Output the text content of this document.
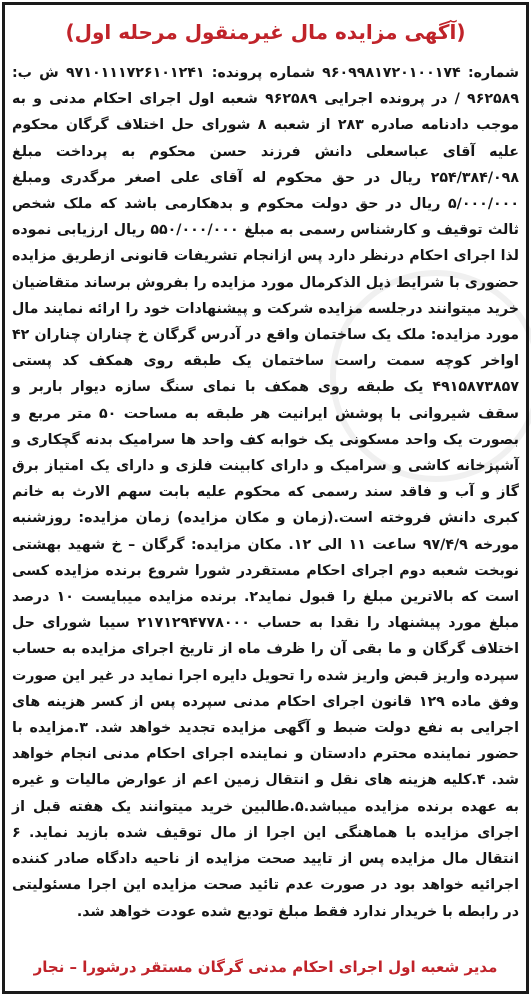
(آگهی مزایده مال غیرمنقول مرحله اول)

شماره: ۹۶۰۹۹۸۱۷۲۰۱۰۰۱۷۴ شماره پرونده: ۹۷۱۰۱۱۱۷۲۶۱۰۱۲۴۱ ش ب: ۹۶۲۵۸۹ / در پرونده اجرایی ۹۶۲۵۸۹ شعبه اول اجرای احکام مدنی و به موجب دادنامه صادره ۲۸۳ از شعبه ۸ شورای حل اختلاف گرگان محکوم علیه آقای عباسعلی دانش فرزند حسن محکوم به پرداخت مبلغ ۲۵۴/۳۸۴/۰۹۸ ریال در حق محکوم له آقای علی اصغر مرگدری ومبلغ ۵/۰۰۰/۰۰۰ ریال در حق دولت محکوم و بدهکارمی باشد که ملک شخص ثالث توقیف و کارشناس رسمی به مبلغ ۵۵۰/۰۰۰/۰۰۰ ریال ارزیابی نموده لذا اجرای احکام درنظر دارد پس ازانجام تشریفات قانونی ازطریق مزایده حضوری با شرایط ذیل الذکرمال مورد مزایده را بفروش برساند متقاضیان خرید میتوانند درجلسه مزایده شرکت و پیشنهادات خود را ارائه نمایند مال مورد مزایده: ملک یک ساختمان واقع در آدرس گرگان خ چناران چناران ۴۲ اواخر کوچه سمت راست ساختمان یک طبقه روی همکف کد پستی ۴۹۱۵۸۷۳۸۵۷ یک طبقه روی همکف با نمای سنگ سازه دیوار باربر و سقف شیروانی با پوشش ایرانیت هر طبقه به مساحت ۵۰ متر مربع و بصورت یک واحد مسکونی یک خوابه کف واحد ها سرامیک بدنه گچکاری و آشپزخانه کاشی و سرامیک و دارای کابینت فلزی و دارای یک امتیاز برق گاز و آب و فاقد سند رسمی که محکوم علیه بابت سهم الارث به خانم کبری دانش فروخته است.(زمان و مکان مزایده) زمان مزایده: روزشنبه مورخه ۹۷/۴/۹ ساعت ۱۱ الی ۱۲. مکان مزایده: گرگان – خ شهید بهشتی نوبخت شعبه دوم اجرای احکام مستقردر شورا شروع برنده مزایده کسی است که بالاترین مبلغ را قبول نماید۲. برنده مزایده میبایست ۱۰ درصد مبلغ مورد پیشنهاد را نقدا به حساب ۲۱۷۱۲۹۴۷۷۸۰۰۰ سیبا شورای حل اختلاف گرگان و ما بقی آن را ظرف ماه از تاریخ اجرای مزایده به حساب سپرده واریز قبض واریز شده را تحویل دایره اجرا نماید در غیر این صورت وفق ماده ۱۲۹ قانون اجرای احکام مدنی سپرده پس از کسر هزینه های اجرایی به نفع دولت ضبط و آگهی مزایده تجدید خواهد شد. ۳.مزایده با حضور نماینده محترم دادستان و نماینده اجرای احکام مدنی انجام خواهد شد. ۴.کلیه هزینه های نقل و انتقال زمین اعم از عوارض مالیات و غیره به عهده برنده مزایده میباشد.۵.طالبین خرید میتوانند یک هفته قبل از اجرای مزایده با هماهنگی این اجرا از مال توقیف شده بازید نماید. ۶ انتقال مال مزایده پس از تایید صحت مزایده از ناحیه دادگاه صادر کننده اجرائیه خواهد بود در صورت عدم تائید صحت مزایده این اجرا مسئولیتی در رابطه با خریدار ندارد فقط مبلغ تودیع شده عودت خواهد شد.

مدیر شعبه اول اجرای احکام مدنی گرگان مستقر درشورا – نجار
